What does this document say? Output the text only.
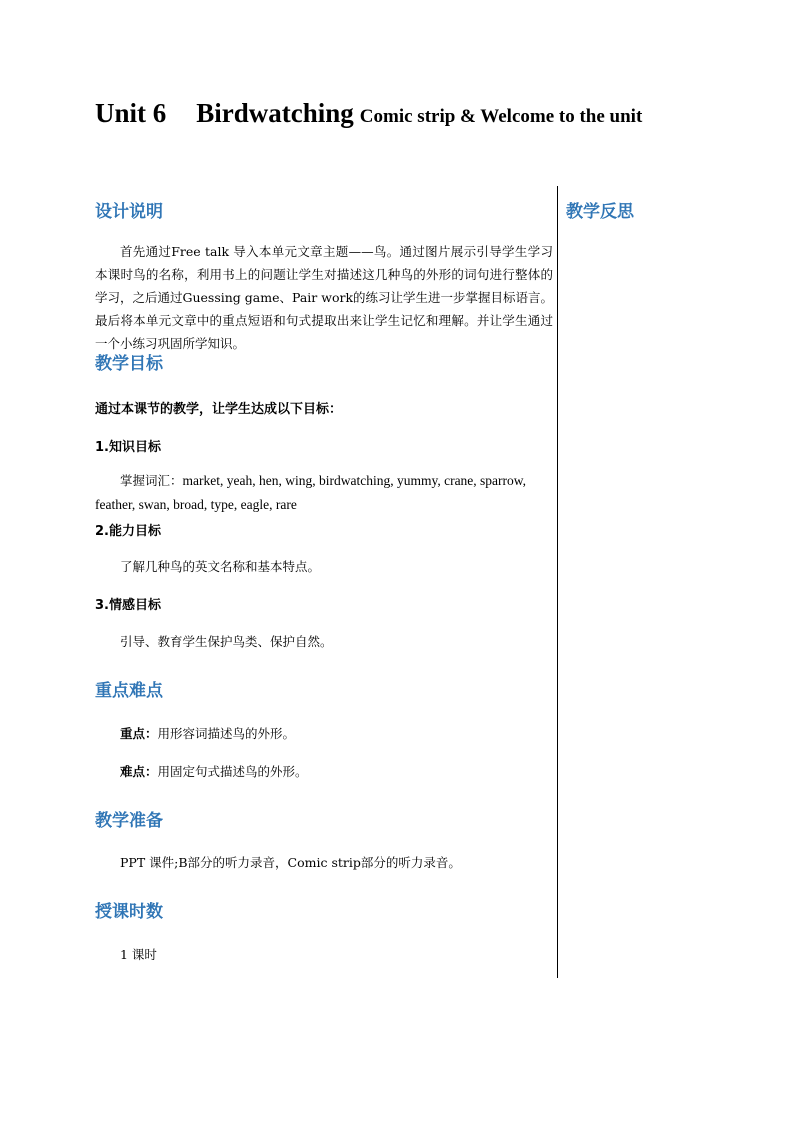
Unit 6 Birdwatching Comic strip & Welcome to the unit
设计说明	教学反思
首先通过Free talk 导入本单元文章主题——鸟。通过图片展示引导学生学习本课时鸟的名称，利用书上的问题让学生对描述这几种鸟的外形的词句进行整体的学习，之后通过Guessing game、Pair work的练习让学生进一步掌握目标语言。最后将本单元文章中的重点短语和句式提取出来让学生记忆和理解。并让学生通过一个小练习巩固所学知识。
教学目标
通过本课节的教学，让学生达成以下目标：
1.知识目标
掌握词汇：market, yeah, hen, wing, birdwatching, yummy, crane, sparrow, feather, swan, broad, type, eagle, rare
2.能力目标
了解几种鸟的英文名称和基本特点。
3.情感目标
引导、教育学生保护鸟类、保护自然。
重点难点
重点：用形容词描述鸟的外形。
难点：用固定句式描述鸟的外形。
教学准备
PPT 课件;B部分的听力录音，Comic strip部分的听力录音。
授课时数
1 课时
